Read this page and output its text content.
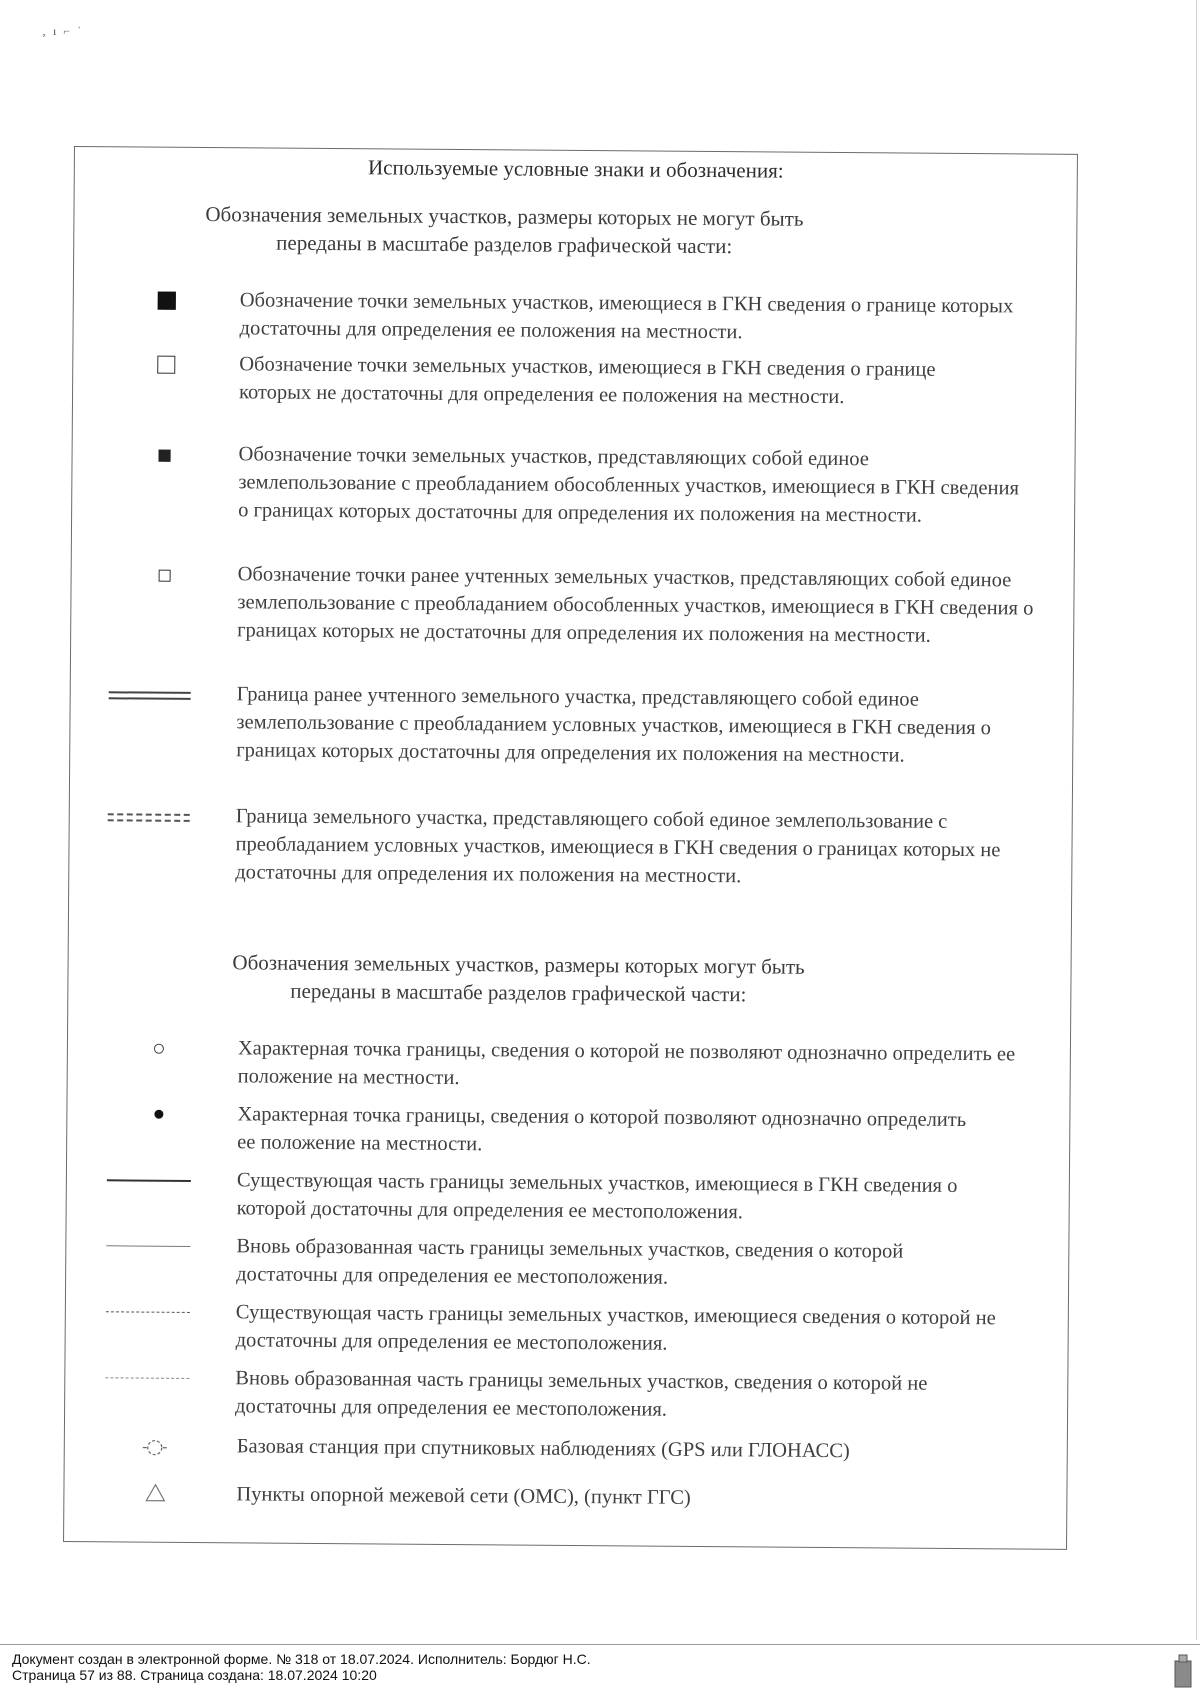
‚ ı ⌐ ˈ
Используемые условные знаки и обозначения:
Обозначения земельных участков, размеры которых не могут быть
переданы в масштабе разделов графической части:
Обозначение точки земельных участков, имеющиеся в ГКН сведения о границе которых достаточны для определения ее положения на местности.
Обозначение точки земельных участков, имеющиеся в ГКН сведения о границе которых не достаточны для определения ее положения на местности.
Обозначение точки земельных участков, представляющих собой единое землепользование с преобладанием обособленных участков, имеющиеся в ГКН сведения о границах которых достаточны для определения их положения на местности.
Обозначение точки ранее учтенных земельных участков, представляющих собой единое землепользование с преобладанием обособленных участков, имеющиеся в ГКН сведения о границах которых не достаточны для определения их положения на местности.
Граница ранее учтенного земельного участка, представляющего собой единое землепользование с преобладанием условных участков, имеющиеся в ГКН сведения о границах которых достаточны для определения их положения на местности.
Граница земельного участка, представляющего собой единое землепользование с преобладанием условных участков, имеющиеся в ГКН сведения о границах которых не достаточны для определения их положения на местности.
Обозначения земельных участков, размеры которых могут быть
переданы в масштабе разделов графической части:
Характерная точка границы, сведения о которой не позволяют однозначно определить ее положение на местности.
Характерная точка границы, сведения о которой позволяют однозначно определить ее положение на местности.
Существующая часть границы земельных участков, имеющиеся в ГКН сведения о которой достаточны для определения ее местоположения.
Вновь образованная часть границы земельных участков, сведения о которой достаточны для определения ее местоположения.
Существующая часть границы земельных участков, имеющиеся сведения о которой не достаточны для определения ее местоположения.
Вновь образованная часть границы земельных участков, сведения о которой не достаточны для определения ее местоположения.
Базовая станция при спутниковых наблюдениях (GPS или ГЛОНАСС)
Пункты опорной межевой сети (ОМС), (пункт ГГС)
Документ создан в электронной форме. № 318 от 18.07.2024. Исполнитель: Бордюг Н.С.
Страница 57 из 88. Страница создана: 18.07.2024 10:20
